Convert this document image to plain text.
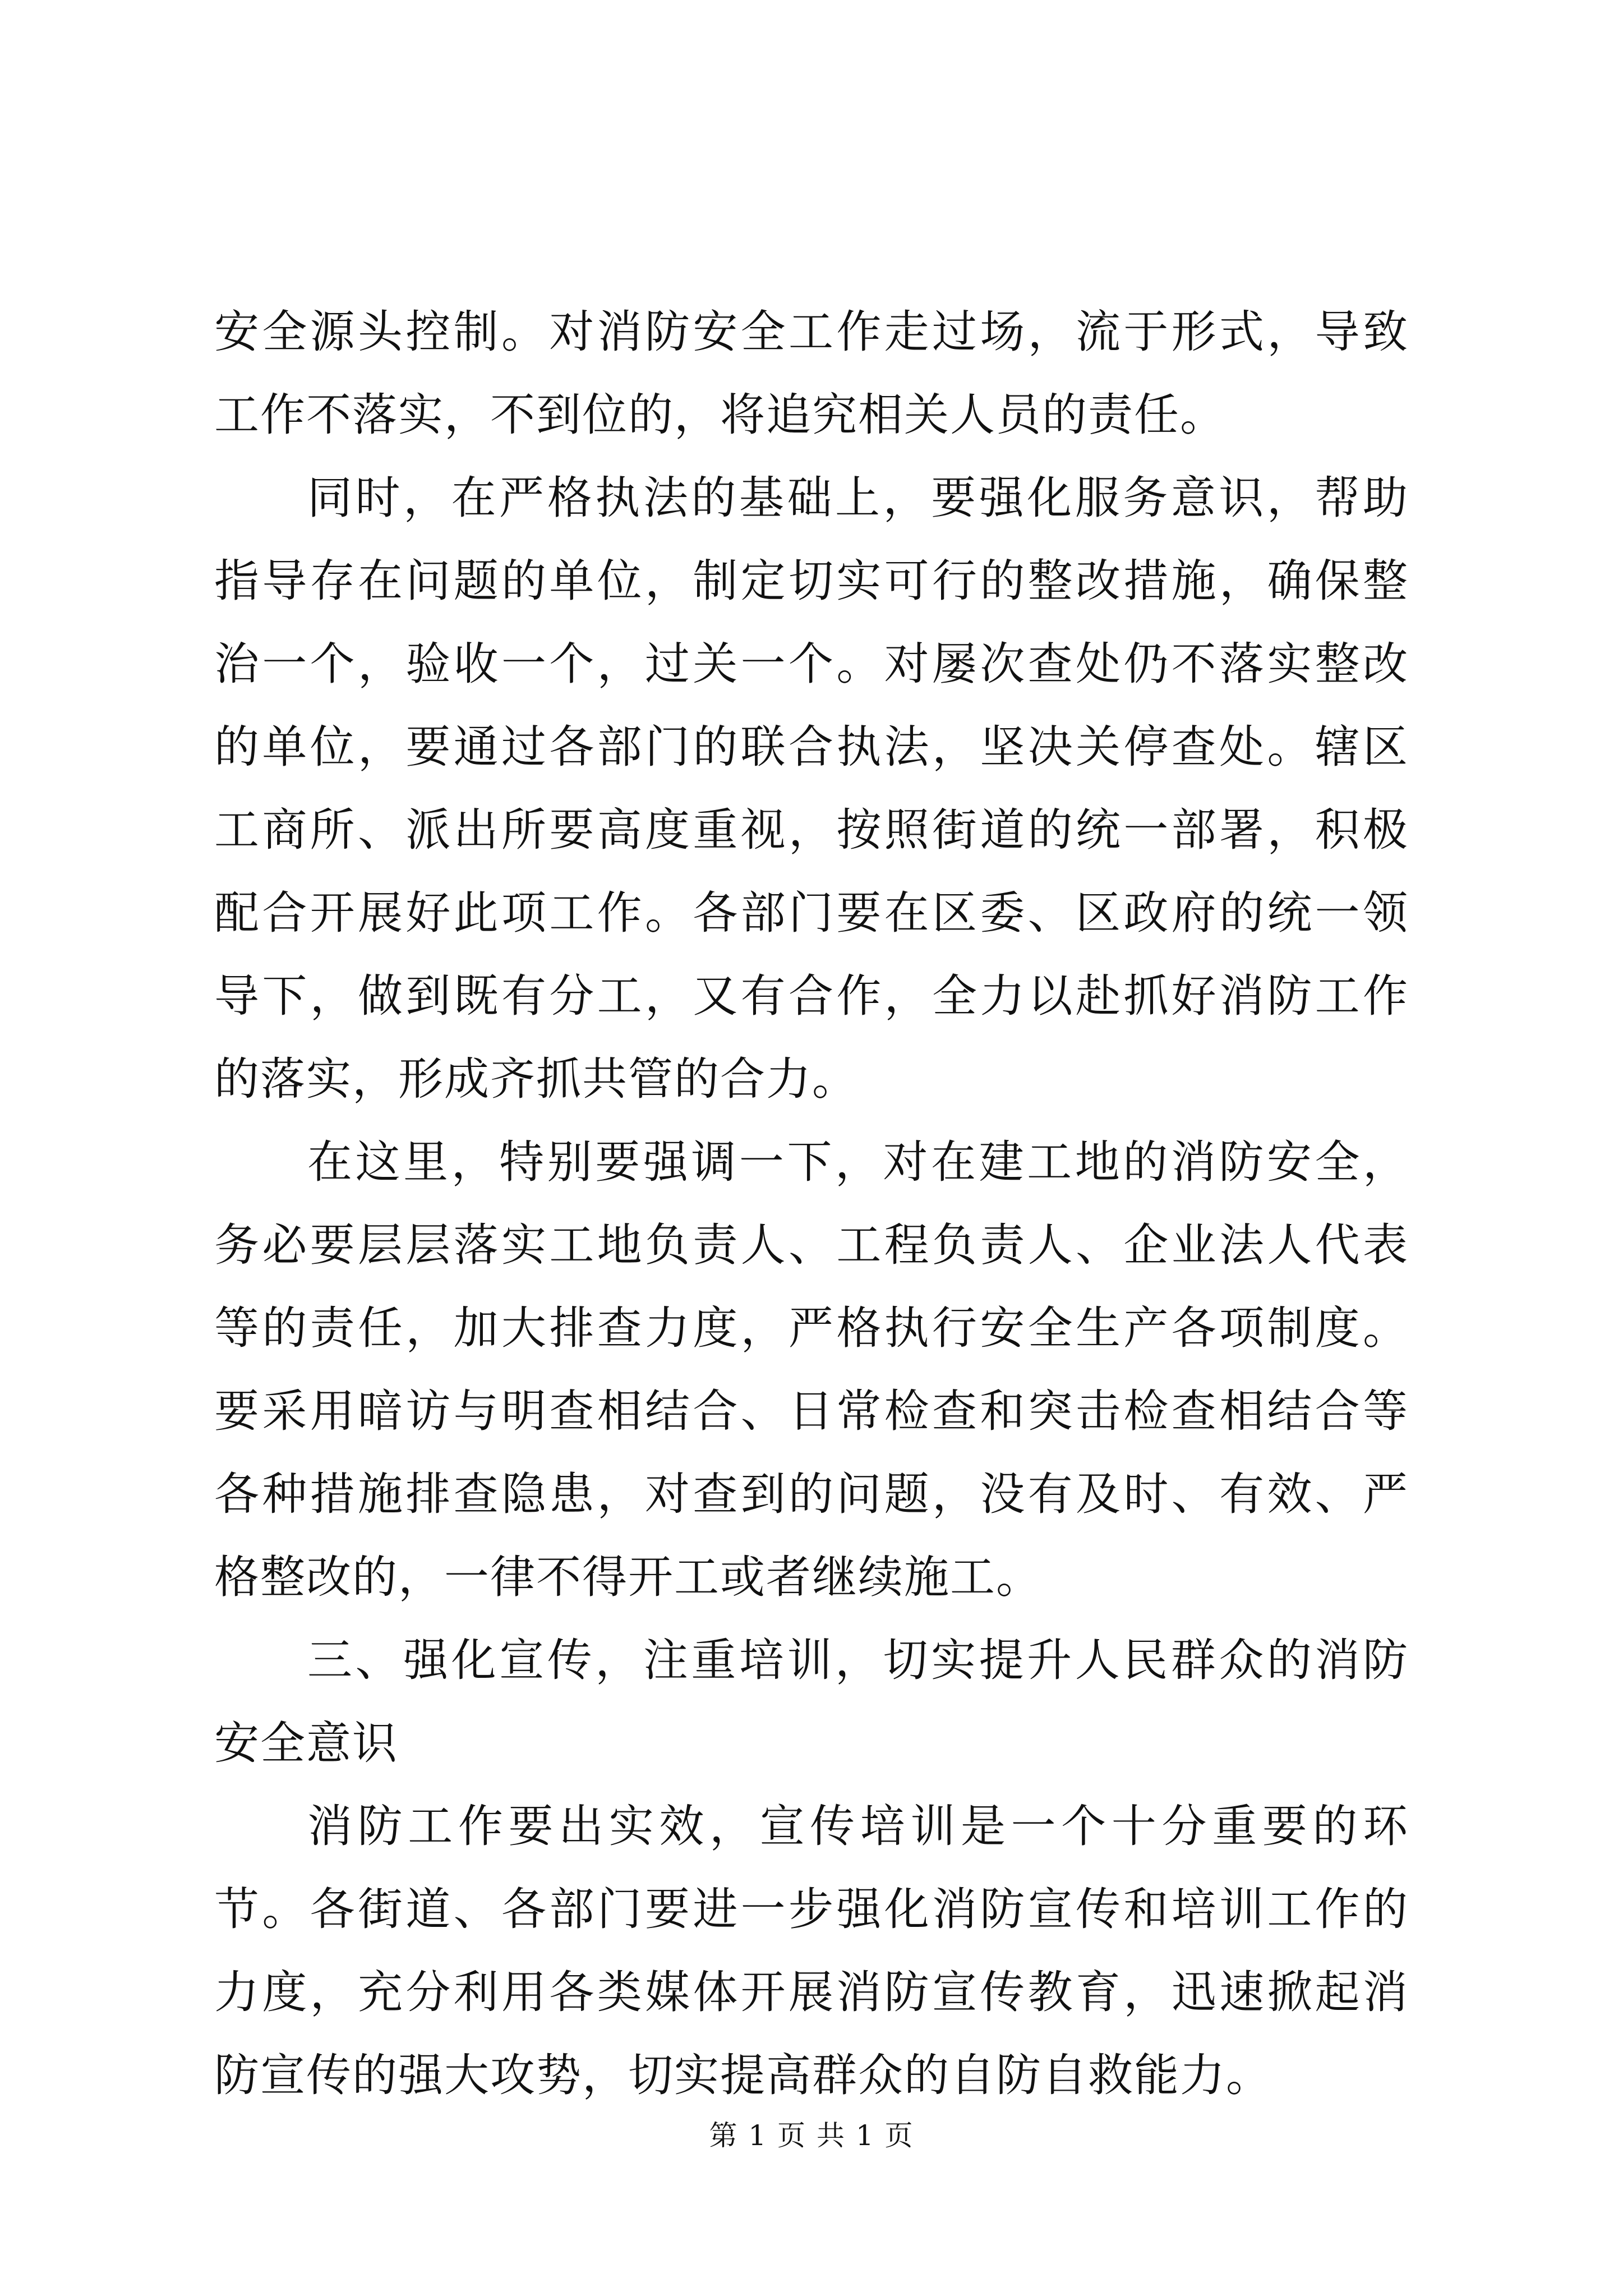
安全源头控制。对消防安全工作走过场，流于形式，导致工作不落实，不到位的，将追究相关人员的责任。

同时，在严格执法的基础上，要强化服务意识，帮助指导存在问题的单位，制定切实可行的整改措施，确保整治一个，验收一个，过关一个。对屡次查处仍不落实整改的单位，要通过各部门的联合执法，坚决关停查处。辖区工商所、派出所要高度重视，按照街道的统一部署，积极配合开展好此项工作。各部门要在区委、区政府的统一领导下，做到既有分工，又有合作，全力以赴抓好消防工作的落实，形成齐抓共管的合力。

在这里，特别要强调一下，对在建工地的消防安全，务必要层层落实工地负责人、工程负责人、企业法人代表等的责任，加大排查力度，严格执行安全生产各项制度。要采用暗访与明查相结合、日常检查和突击检查相结合等各种措施排查隐患，对查到的问题，没有及时、有效、严格整改的，一律不得开工或者继续施工。

三、强化宣传，注重培训，切实提升人民群众的消防安全意识

消防工作要出实效，宣传培训是一个十分重要的环节。各街道、各部门要进一步强化消防宣传和培训工作的力度，充分利用各类媒体开展消防宣传教育，迅速掀起消防宣传的强大攻势，切实提高群众的自防自救能力。

第 1 页 共 1 页
